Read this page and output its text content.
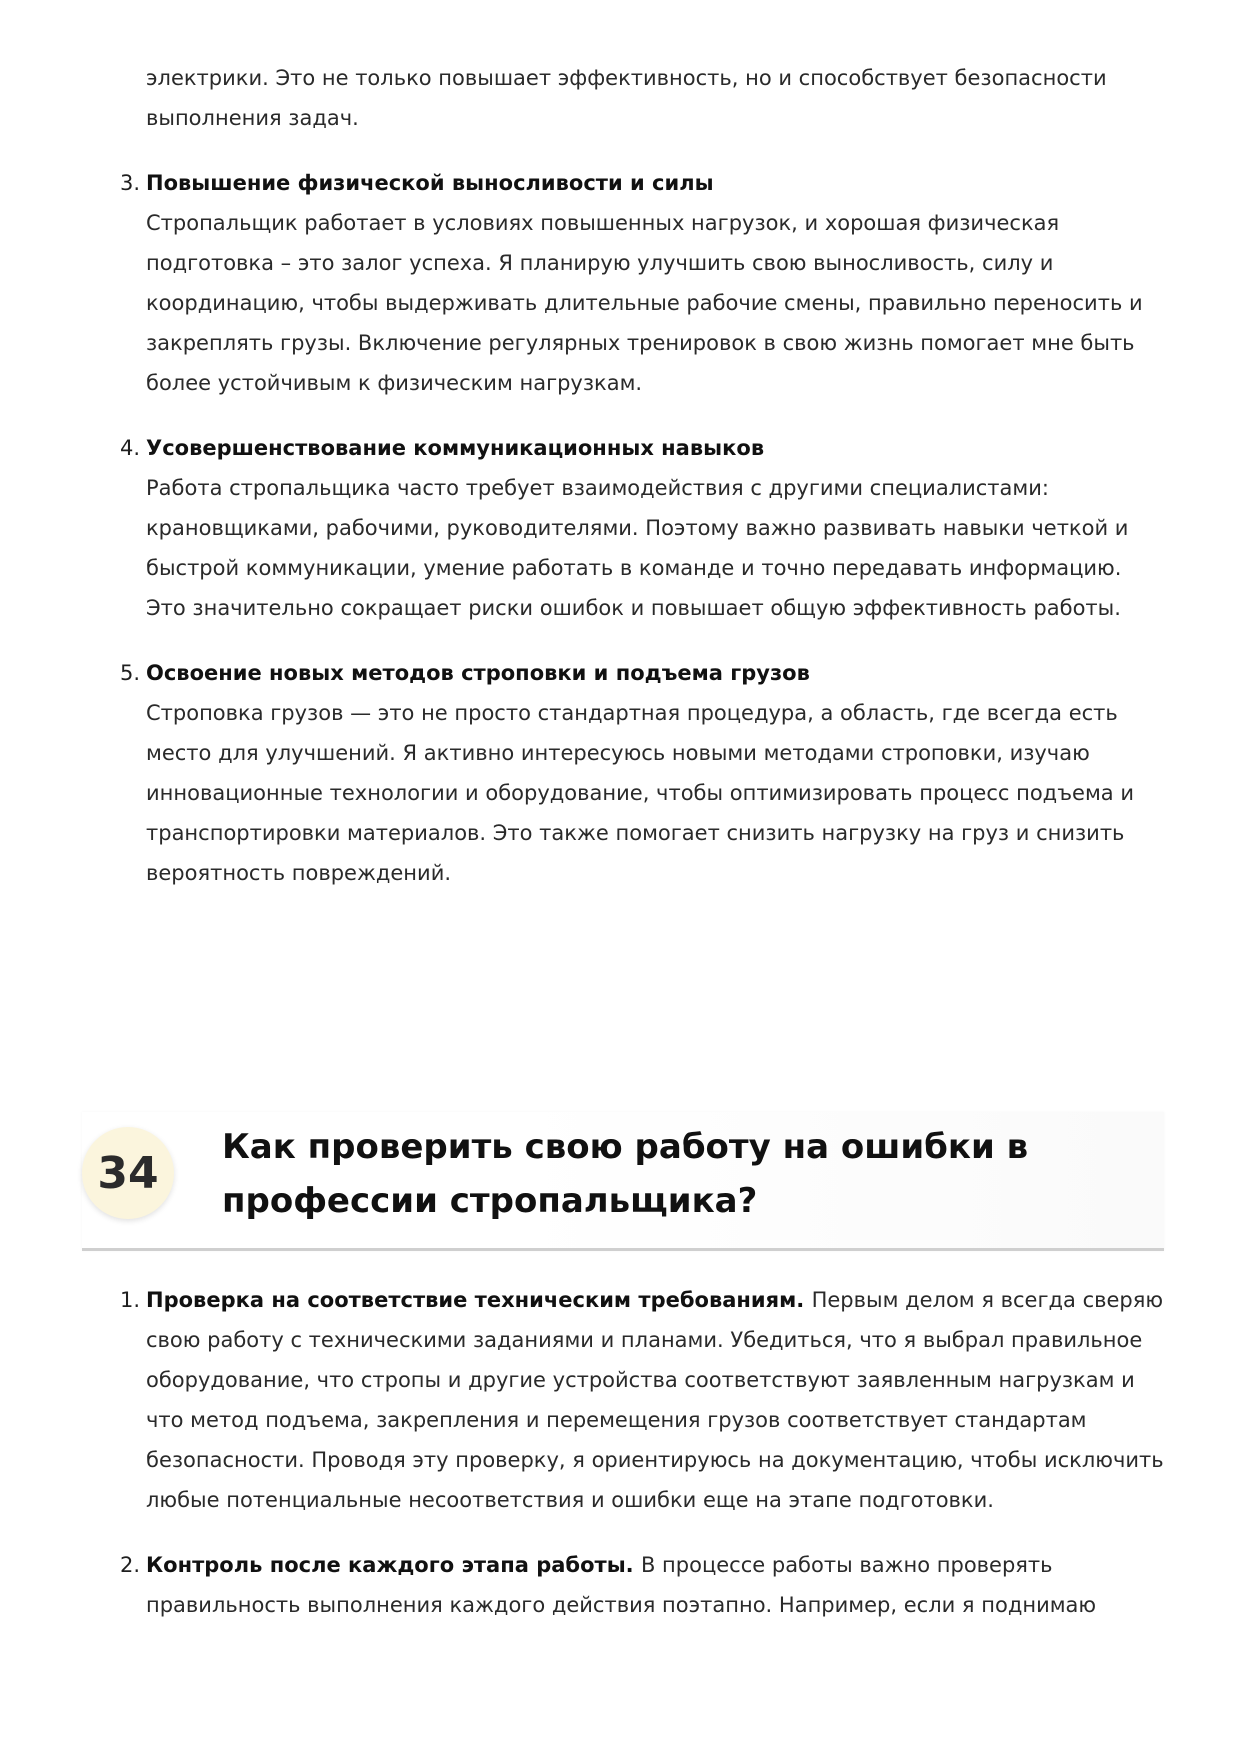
электрики. Это не только повышает эффективность, но и способствует безопасности выполнения задач.
3. Повышение физической выносливости и силы
Стропальщик работает в условиях повышенных нагрузок, и хорошая физическая подготовка – это залог успеха. Я планирую улучшить свою выносливость, силу и координацию, чтобы выдерживать длительные рабочие смены, правильно переносить и закреплять грузы. Включение регулярных тренировок в свою жизнь помогает мне быть более устойчивым к физическим нагрузкам.
4. Усовершенствование коммуникационных навыков
Работа стропальщика часто требует взаимодействия с другими специалистами: крановщиками, рабочими, руководителями. Поэтому важно развивать навыки четкой и быстрой коммуникации, умение работать в команде и точно передавать информацию. Это значительно сокращает риски ошибок и повышает общую эффективность работы.
5. Освоение новых методов строповки и подъема грузов
Строповка грузов — это не просто стандартная процедура, а область, где всегда есть место для улучшений. Я активно интересуюсь новыми методами строповки, изучаю инновационные технологии и оборудование, чтобы оптимизировать процесс подъема и транспортировки материалов. Это также помогает снизить нагрузку на груз и снизить вероятность повреждений.
34
Как проверить свою работу на ошибки в профессии стропальщика?
1. Проверка на соответствие техническим требованиям. Первым делом я всегда сверяю свою работу с техническими заданиями и планами. Убедиться, что я выбрал правильное оборудование, что стропы и другие устройства соответствуют заявленным нагрузкам и что метод подъема, закрепления и перемещения грузов соответствует стандартам безопасности. Проводя эту проверку, я ориентируюсь на документацию, чтобы исключить любые потенциальные несоответствия и ошибки еще на этапе подготовки.
2. Контроль после каждого этапа работы. В процессе работы важно проверять правильность выполнения каждого действия поэтапно. Например, если я поднимаю
